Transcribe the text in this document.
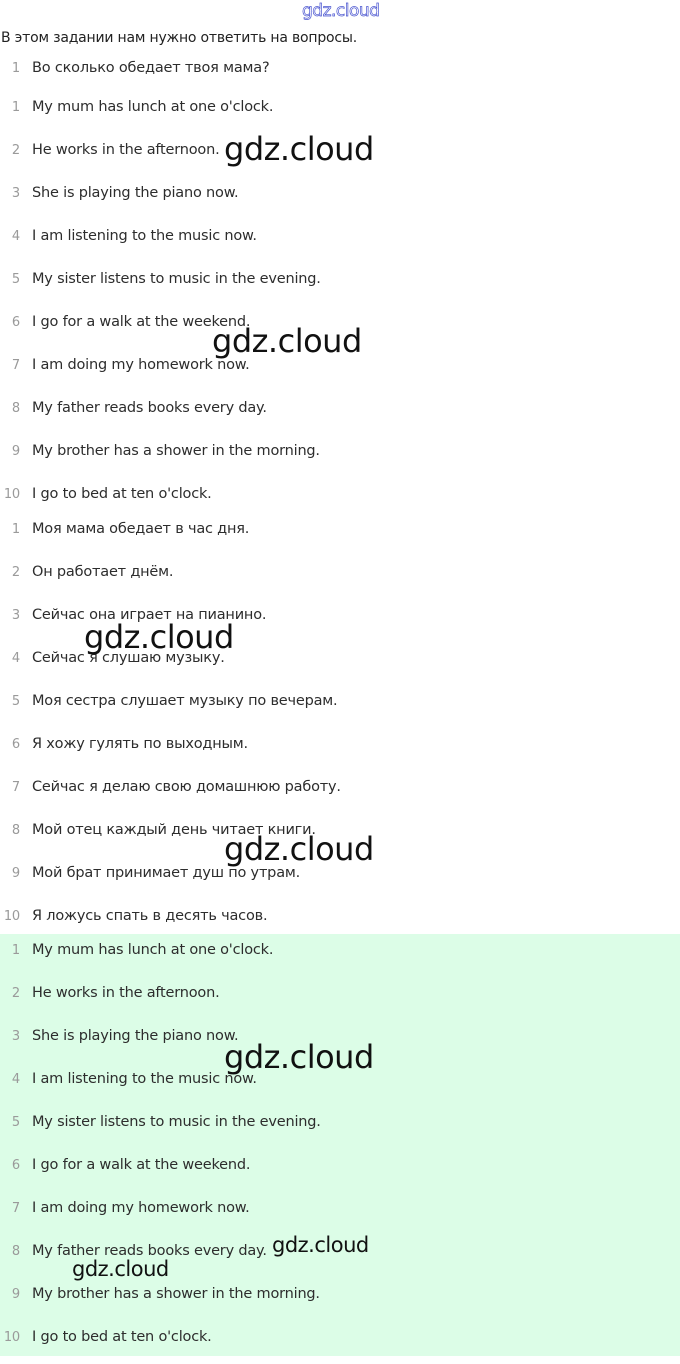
gdz.cloud
В этом задании нам нужно ответить на вопросы.
1 Во сколько обедает твоя мама?
1 My mum has lunch at one o'clock.
2 He works in the afternoon.
3 She is playing the piano now.
4 I am listening to the music now.
5 My sister listens to music in the evening.
6 I go for a walk at the weekend.
7 I am doing my homework now.
8 My father reads books every day.
9 My brother has a shower in the morning.
10 I go to bed at ten o'clock.
1 Моя мама обедает в час дня.
2 Он работает днём.
3 Сейчас она играет на пианино.
4 Сейчас я слушаю музыку.
5 Моя сестра слушает музыку по вечерам.
6 Я хожу гулять по выходным.
7 Сейчас я делаю свою домашнюю работу.
8 Мой отец каждый день читает книги.
9 Мой брат принимает душ по утрам.
10 Я ложусь спать в десять часов.
1 My mum has lunch at one o'clock.
2 He works in the afternoon.
3 She is playing the piano now.
4 I am listening to the music now.
5 My sister listens to music in the evening.
6 I go for a walk at the weekend.
7 I am doing my homework now.
8 My father reads books every day.
9 My brother has a shower in the morning.
10 I go to bed at ten o'clock.
gdz.cloud
gdz.cloud
gdz.cloud
gdz.cloud
gdz.cloud
gdz.cloud
gdz.cloud
